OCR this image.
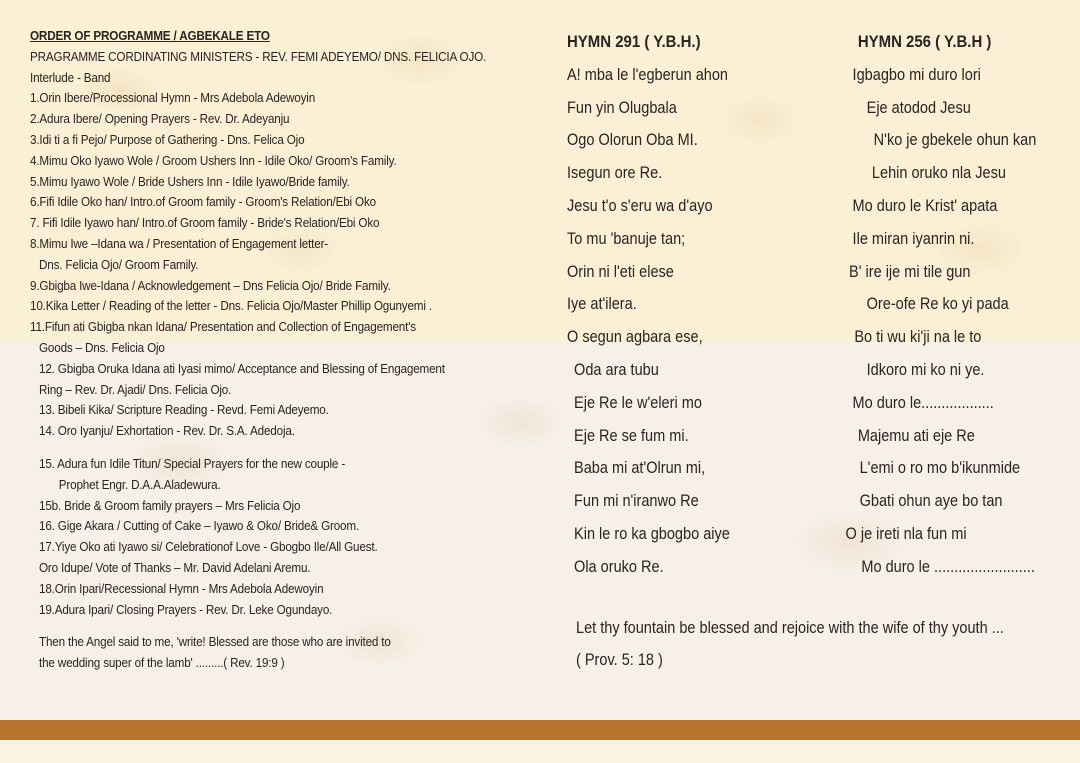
ORDER OF PROGRAMME / AGBEKALE ETO
PRAGRAMME CORDINATING MINISTERS - REV. FEMI ADEYEMO/ DNS. FELICIA OJO.
Interlude - Band
1.Orin Ibere/Processional Hymn - Mrs Adebola Adewoyin
2.Adura Ibere/ Opening Prayers - Rev. Dr. Adeyanju
3.Idi ti a fi Pejo/ Purpose of Gathering - Dns. Felica Ojo
4.Mimu Oko Iyawo Wole / Groom Ushers Inn - Idile Oko/ Groom's Family.
5.Mimu Iyawo Wole / Bride Ushers Inn - Idile Iyawo/Bride family.
6.Fifi Idile Oko han/ Intro.of Groom family - Groom's Relation/Ebi Oko
7. Fifi Idile Iyawo han/ Intro.of Groom family - Bride's Relation/Ebi Oko
8.Mimu Iwe –Idana wa / Presentation of Engagement letter-
Dns. Felicia Ojo/ Groom Family.
9.Gbigba Iwe-Idana / Acknowledgement – Dns Felicia Ojo/ Bride Family.
10.Kika Letter / Reading of the letter - Dns. Felicia Ojo/Master Phillip Ogunyemi .
11.Fifun ati Gbigba nkan Idana/ Presentation and Collection of Engagement's
Goods – Dns. Felicia Ojo
12. Gbigba Oruka Idana ati Iyasi mimo/ Acceptance and Blessing of Engagement
Ring – Rev. Dr. Ajadi/ Dns. Felicia Ojo.
13. Bibeli Kika/ Scripture Reading - Revd. Femi Adeyemo.
14. Oro Iyanju/ Exhortation - Rev. Dr. S.A. Adedoja.
15. Adura fun Idile Titun/ Special Prayers for the new couple -
Prophet Engr. D.A.A.Aladewura.
15b. Bride & Groom family prayers – Mrs Felicia Ojo
16. Gige Akara / Cutting of Cake – Iyawo & Oko/ Bride& Groom.
17.Yiye Oko ati Iyawo si/ Celebrationof Love - Gbogbo Ile/All Guest.
Oro Idupe/ Vote of Thanks – Mr. David Adelani Aremu.
18.Orin Ipari/Recessional Hymn - Mrs Adebola Adewoyin
19.Adura Ipari/ Closing Prayers - Rev. Dr. Leke Ogundayo.
Then the Angel said to me, 'write! Blessed are those who are invited to
the wedding super of the lamb' .........( Rev. 19:9 )
HYMN 291 ( Y.B.H.)
A! mba le l'egberun ahon
Fun yin Olugbala
Ogo Olorun Oba MI.
Isegun ore Re.
Jesu t'o s'eru wa d'ayo
To mu 'banuje tan;
Orin ni l'eti elese
Iye at'ilera.
O segun agbara ese,
Oda ara tubu
Eje Re le w'eleri mo
Eje Re se fum mi.
Baba mi at'Olrun mi,
Fun mi n'iranwo Re
Kin le ro ka gbogbo aiye
Ola oruko Re.
HYMN 256 ( Y.B.H )
Igbagbo mi duro lori
Eje atodod Jesu
N'ko je gbekele ohun kan
Lehin oruko nla Jesu
Mo duro le Krist' apata
Ile miran iyanrin ni.
B' ire ije mi tile gun
Ore-ofe Re ko yi pada
Bo ti wu ki'ji na le to
Idkoro mi ko ni ye.
Mo duro le..................
Majemu ati eje Re
L'emi o ro mo b'ikunmide
Gbati ohun aye bo tan
O je ireti nla fun mi
Mo duro le .........................
Let thy fountain be blessed and rejoice with the wife of thy youth ...
( Prov. 5: 18 )
